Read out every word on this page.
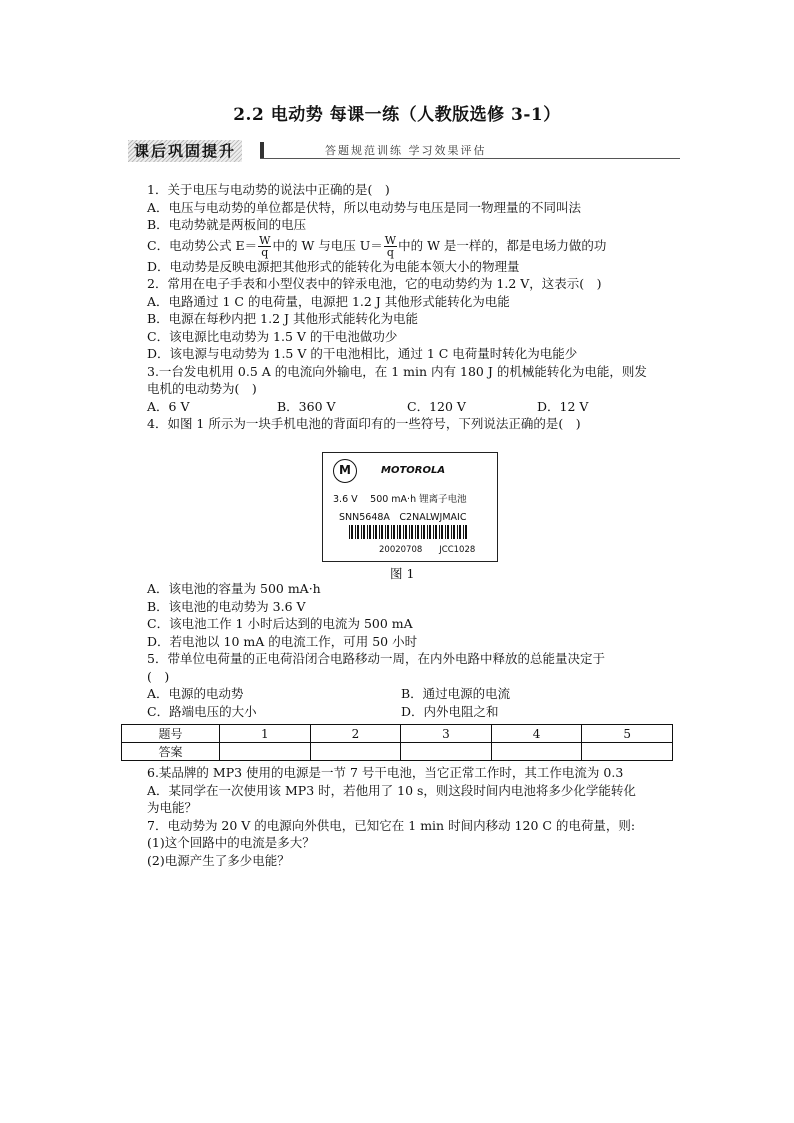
2.2 电动势 每课一练（人教版选修 3-1）
课后巩固提升	答题规范训练 学习效果评估
1．关于电压与电动势的说法中正确的是(　)
A．电压与电动势的单位都是伏特，所以电动势与电压是同一物理量的不同叫法
B．电动势就是两板间的电压
C．电动势公式 $E= \frac{W}{q}$ 中的 W 与电压 $U= \frac{W}{q}$ 中的 W 是一样的，都是电场力做的功
D．电动势是反映电源把其他形式的能转化为电能本领大小的物理量
2．常用在电子手表和小型仪表中的锌汞电池，它的电动势约为 1.2 V，这表示(　)
A．电路通过 1 C 的电荷量，电源把 1.2 J 其他形式能转化为电能
B．电源在每秒内把 1.2 J 其他形式能转化为电能
C．该电源比电动势为 1.5 V 的干电池做功少
D．该电源与电动势为 1.5 V 的干电池相比，通过 1 C 电荷量时转化为电能少
3.一台发电机用 0.5 A 的电流向外输电，在 1 min 内有 180 J 的机械能转化为电能，则发
电机的电动势为(　)
A．6 V	B．360 V	C．120 V	D．12 V
4．如图 1 所示为一块手机电池的背面印有的一些符号，下列说法正确的是(　)
M
MOTOROLA
3.6 V　 500 mA·h 锂离子电池
SNN5648A　C2NALWJMAIC
20020708　　JCC1028
图 1
A．该电池的容量为 500 mA·h
B．该电池的电动势为 3.6 V
C．该电池工作 1 小时后达到的电流为 500 mA
D．若电池以 10 mA 的电流工作，可用 50 小时
5．带单位电荷量的正电荷沿闭合电路移动一周，在内外电路中释放的总能量决定于
(　)
A．电源的电动势	B．通过电源的电流
C．路端电压的大小	D．内外电阻之和
题号	1	2	3	4	5
答案					
6.某品牌的 MP3 使用的电源是一节 7 号干电池，当它正常工作时，其工作电流为 0.3
A．某同学在一次使用该 MP3 时，若他用了 10 s，则这段时间内电池将多少化学能转化
为电能？
7．电动势为 20 V 的电源向外供电，已知它在 1 min 时间内移动 120 C 的电荷量，则:
(1)这个回路中的电流是多大？
(2)电源产生了多少电能？
